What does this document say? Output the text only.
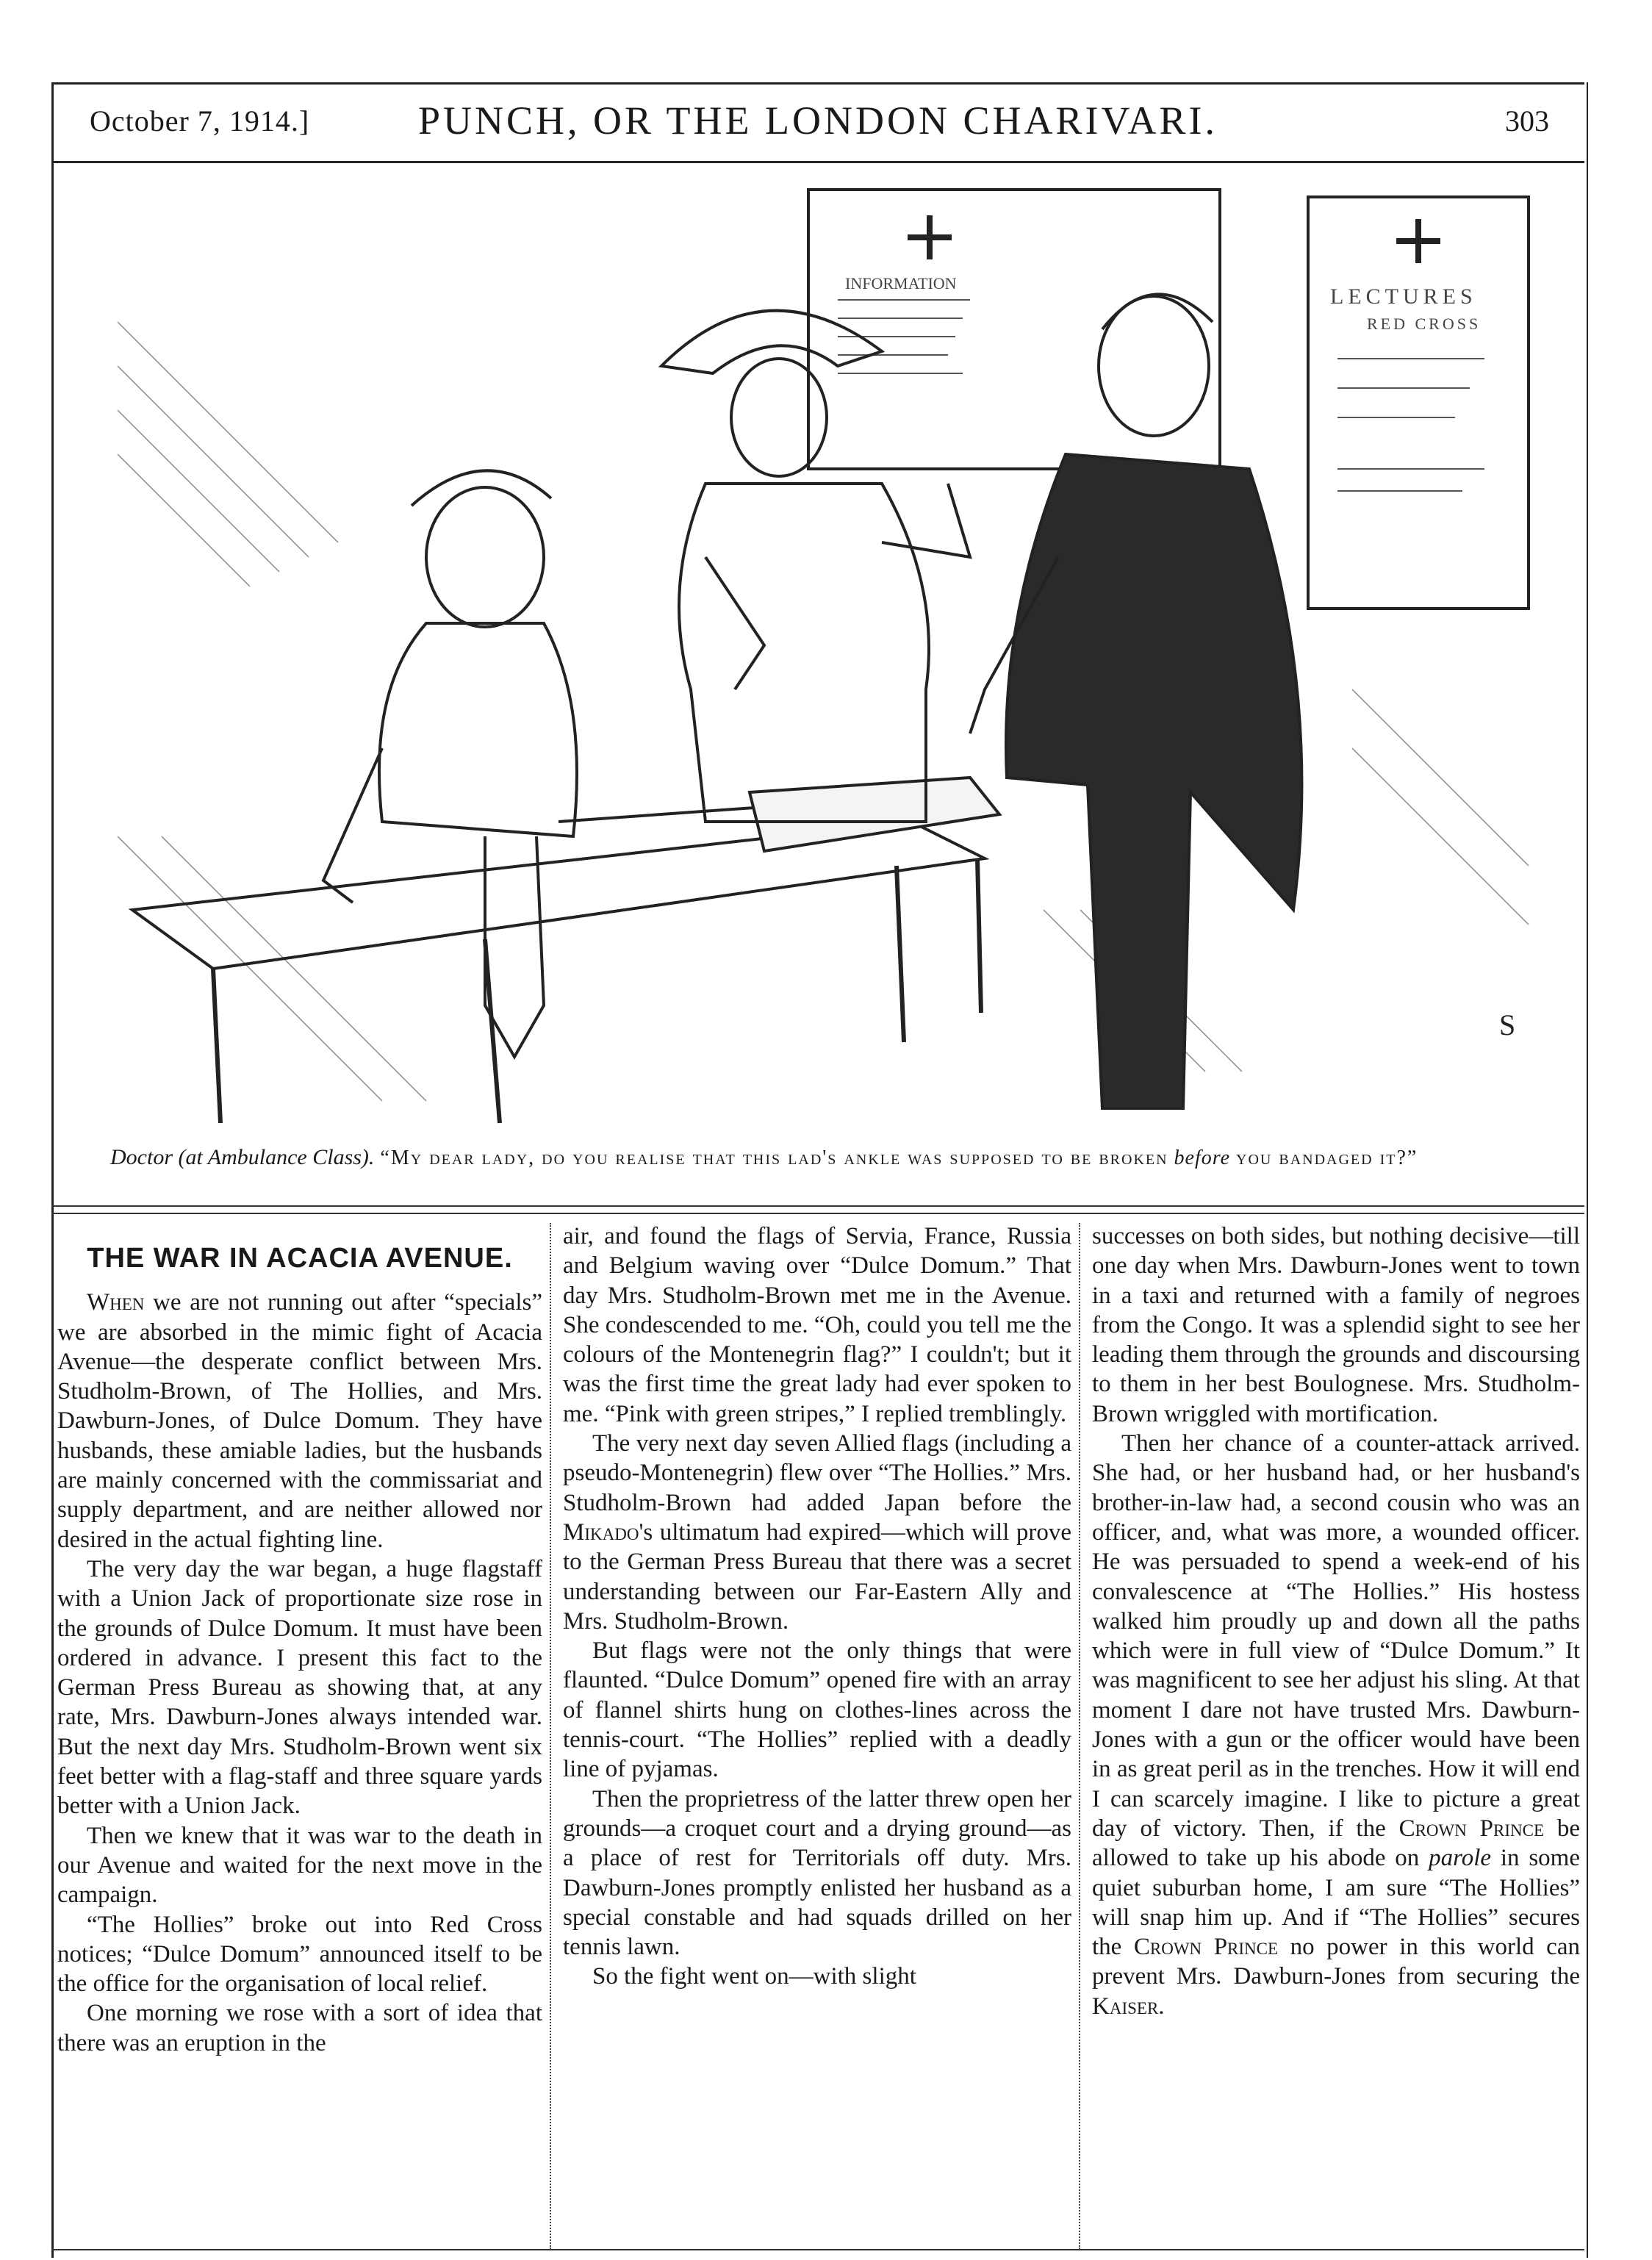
October 7, 1914.]	PUNCH, OR THE LONDON CHARIVARI.	303
S
INFORMATION
LECTURES
RED CROSS
Doctor (at Ambulance Class). “My dear lady, do you realise that this lad's ankle was supposed to be broken before you bandaged it?”
THE WAR IN ACACIA AVENUE.

When we are not running out after “specials” we are absorbed in the mimic fight of Acacia Avenue—the desperate conflict between Mrs. Studholm-Brown, of The Hollies, and Mrs. Dawburn-Jones, of Dulce Domum. They have husbands, these amiable ladies, but the husbands are mainly concerned with the commissariat and supply department, and are neither allowed nor desired in the actual fighting line.

The very day the war began, a huge flagstaff with a Union Jack of proportionate size rose in the grounds of Dulce Domum. It must have been ordered in advance. I present this fact to the German Press Bureau as showing that, at any rate, Mrs. Dawburn-Jones always intended war. But the next day Mrs. Studholm-Brown went six feet better with a flag-staff and three square yards better with a Union Jack.

Then we knew that it was war to the death in our Avenue and waited for the next move in the campaign.

“The Hollies” broke out into Red Cross notices; “Dulce Domum” announced itself to be the office for the organisation of local relief.

One morning we rose with a sort of idea that there was an eruption in the

air, and found the flags of Servia, France, Russia and Belgium waving over “Dulce Domum.” That day Mrs. Studholm-Brown met me in the Avenue. She condescended to me. “Oh, could you tell me the colours of the Montenegrin flag?” I couldn't; but it was the first time the great lady had ever spoken to me. “Pink with green stripes,” I replied tremblingly.

The very next day seven Allied flags (including a pseudo-Montenegrin) flew over “The Hollies.” Mrs. Studholm-Brown had added Japan before the Mikado's ultimatum had expired—which will prove to the German Press Bureau that there was a secret understanding between our Far-Eastern Ally and Mrs. Studholm-Brown.

But flags were not the only things that were flaunted. “Dulce Domum” opened fire with an array of flannel shirts hung on clothes-lines across the tennis-court. “The Hollies” replied with a deadly line of pyjamas.

Then the proprietress of the latter threw open her grounds—a croquet court and a drying ground—as a place of rest for Territorials off duty. Mrs. Dawburn-Jones promptly enlisted her husband as a special constable and had squads drilled on her tennis lawn.

So the fight went on—with slight

successes on both sides, but nothing decisive—till one day when Mrs. Dawburn-Jones went to town in a taxi and returned with a family of negroes from the Congo. It was a splendid sight to see her leading them through the grounds and discoursing to them in her best Boulognese. Mrs. Studholm-Brown wriggled with mortification.

Then her chance of a counter-attack arrived. She had, or her husband had, or her husband's brother-in-law had, a second cousin who was an officer, and, what was more, a wounded officer. He was persuaded to spend a week-end of his convalescence at “The Hollies.” His hostess walked him proudly up and down all the paths which were in full view of “Dulce Domum.” It was magnificent to see her adjust his sling. At that moment I dare not have trusted Mrs. Dawburn-Jones with a gun or the officer would have been in as great peril as in the trenches. How it will end I can scarcely imagine. I like to picture a great day of victory. Then, if the Crown Prince be allowed to take up his abode on parole in some quiet suburban home, I am sure “The Hollies” will snap him up. And if “The Hollies” secures the Crown Prince no power in this world can prevent Mrs. Dawburn-Jones from securing the Kaiser.
